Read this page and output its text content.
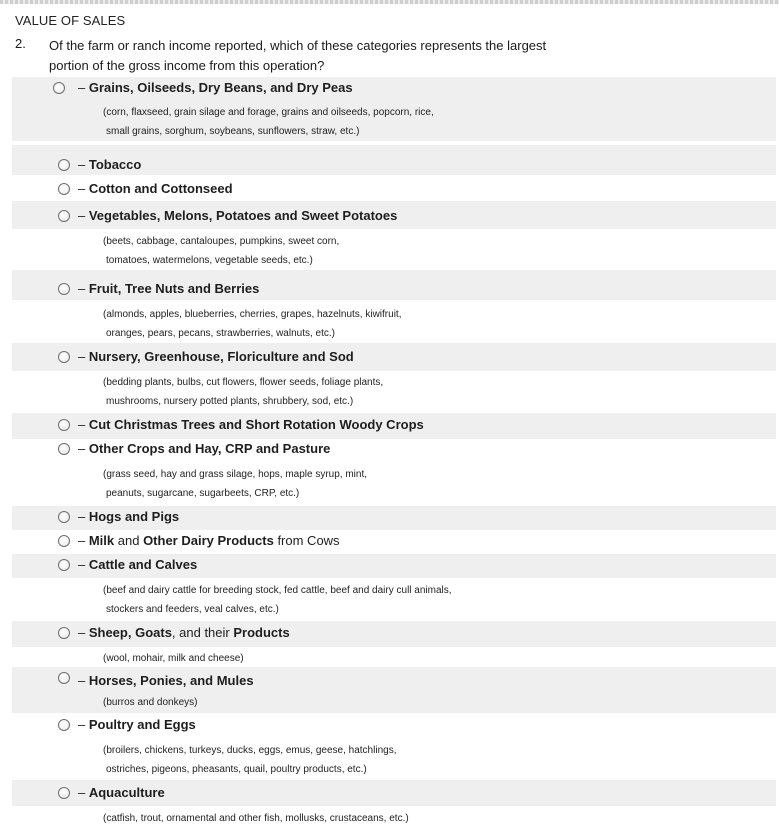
VALUE OF SALES
2. Of the farm or ranch income reported, which of these categories represents the largest
portion of the gross income from this operation?
– Grains, Oilseeds, Dry Beans, and Dry Peas
(corn, flaxseed, grain silage and forage, grains and oilseeds, popcorn, rice,
small grains, sorghum, soybeans, sunflowers, straw, etc.)
– Tobacco
– Cotton and Cottonseed
– Vegetables, Melons, Potatoes and Sweet Potatoes
(beets, cabbage, cantaloupes, pumpkins, sweet corn,
tomatoes, watermelons, vegetable seeds, etc.)
– Fruit, Tree Nuts and Berries
(almonds, apples, blueberries, cherries, grapes, hazelnuts, kiwifruit,
oranges, pears, pecans, strawberries, walnuts, etc.)
– Nursery, Greenhouse, Floriculture and Sod
(bedding plants, bulbs, cut flowers, flower seeds, foliage plants,
mushrooms, nursery potted plants, shrubbery, sod, etc.)
– Cut Christmas Trees and Short Rotation Woody Crops
– Other Crops and Hay, CRP and Pasture
(grass seed, hay and grass silage, hops, maple syrup, mint,
peanuts, sugarcane, sugarbeets, CRP, etc.)
– Hogs and Pigs
– Milk and Other Dairy Products from Cows
– Cattle and Calves
(beef and dairy cattle for breeding stock, fed cattle, beef and dairy cull animals,
stockers and feeders, veal calves, etc.)
– Sheep, Goats, and their Products
(wool, mohair, milk and cheese)
– Horses, Ponies, and Mules
(burros and donkeys)
– Poultry and Eggs
(broilers, chickens, turkeys, ducks, eggs, emus, geese, hatchlings,
ostriches, pigeons, pheasants, quail, poultry products, etc.)
– Aquaculture
(catfish, trout, ornamental and other fish, mollusks, crustaceans, etc.)
